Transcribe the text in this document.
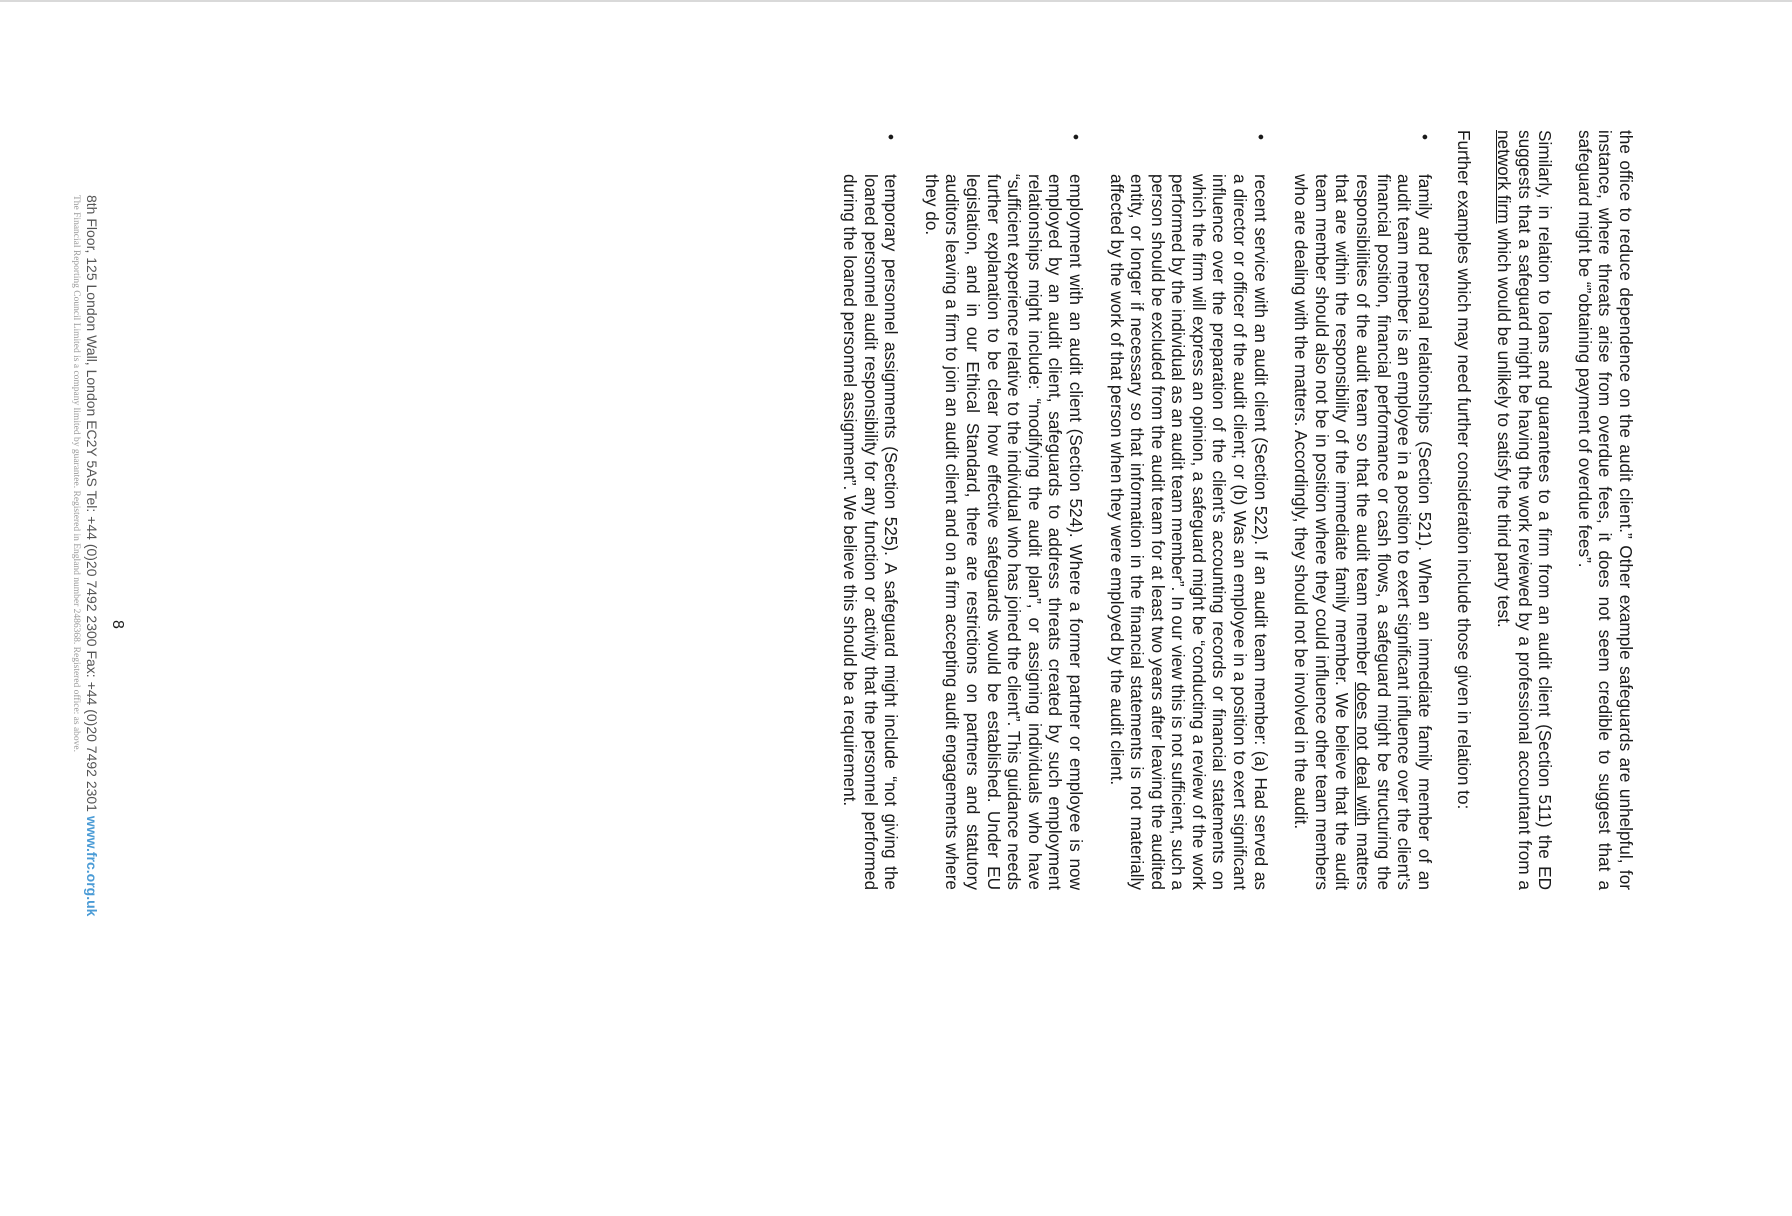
the office to reduce dependence on the audit client.” Other example safeguards are unhelpful, for instance, where threats arise from overdue fees, it does not seem credible to suggest that a safeguard might be “”obtaining payment of overdue fees”.

Similarly, in relation to loans and guarantees to a firm from an audit client (Section 511) the ED suggests that a safeguard might be having the work reviewed by a professional accountant from a network firm which would be unlikely to satisfy the third party test.

Further examples which may need further consideration include those given in relation to:

•
family and personal relationships (Section 521). When an immediate family member of an audit team member is an employee in a position to exert significant influence over the client’s financial position, financial performance or cash flows, a safeguard might be structuring the responsibilities of the audit team so that the audit team member does not deal with matters that are within the responsibility of the immediate family member. We believe that the audit team member should also not be in position where they could influence other team members who are dealing with the matters. Accordingly, they should not be involved in the audit.
•
recent service with an audit client (Section 522). If an audit team member: (a) Had served as a director or officer of the audit client; or (b) Was an employee in a position to exert significant influence over the preparation of the client’s accounting records or financial statements on which the firm will express an opinion, a safeguard might be “conducting a review of the work performed by the individual as an audit team member”. In our view this is not sufficient, such a person should be excluded from the audit team for at least two years after leaving the audited entity, or longer if necessary so that information in the financial statements is not materially affected by the work of that person when they were employed by the audit client.
•
employment with an audit client (Section 524). Where a former partner or employee is now employed by an audit client, safeguards to address threats created by such employment relationships might include: “modifying the audit plan”, or assigning individuals who have “sufficient experience relative to the individual who has joined the client”. This guidance needs further explanation to be clear how effective safeguards would be established. Under EU legislation, and in our Ethical Standard, there are restrictions on partners and statutory auditors leaving a firm to join an audit client and on a firm accepting audit engagements where they do.
•
temporary personnel assignments (Section 525). A safeguard might include “not giving the loaned personnel audit responsibility for any function or activity that the personnel performed during the loaned personnel assignment”. We believe this should be a requirement.
8
8th Floor, 125 London Wall, London EC2Y 5AS Tel: +44 (0)20 7492 2300 Fax: +44 (0)20 7492 2301 www.frc.org.uk
The Financial Reporting Council Limited is a company limited by guarantee. Registered in England number 2486368. Registered office: as above.
